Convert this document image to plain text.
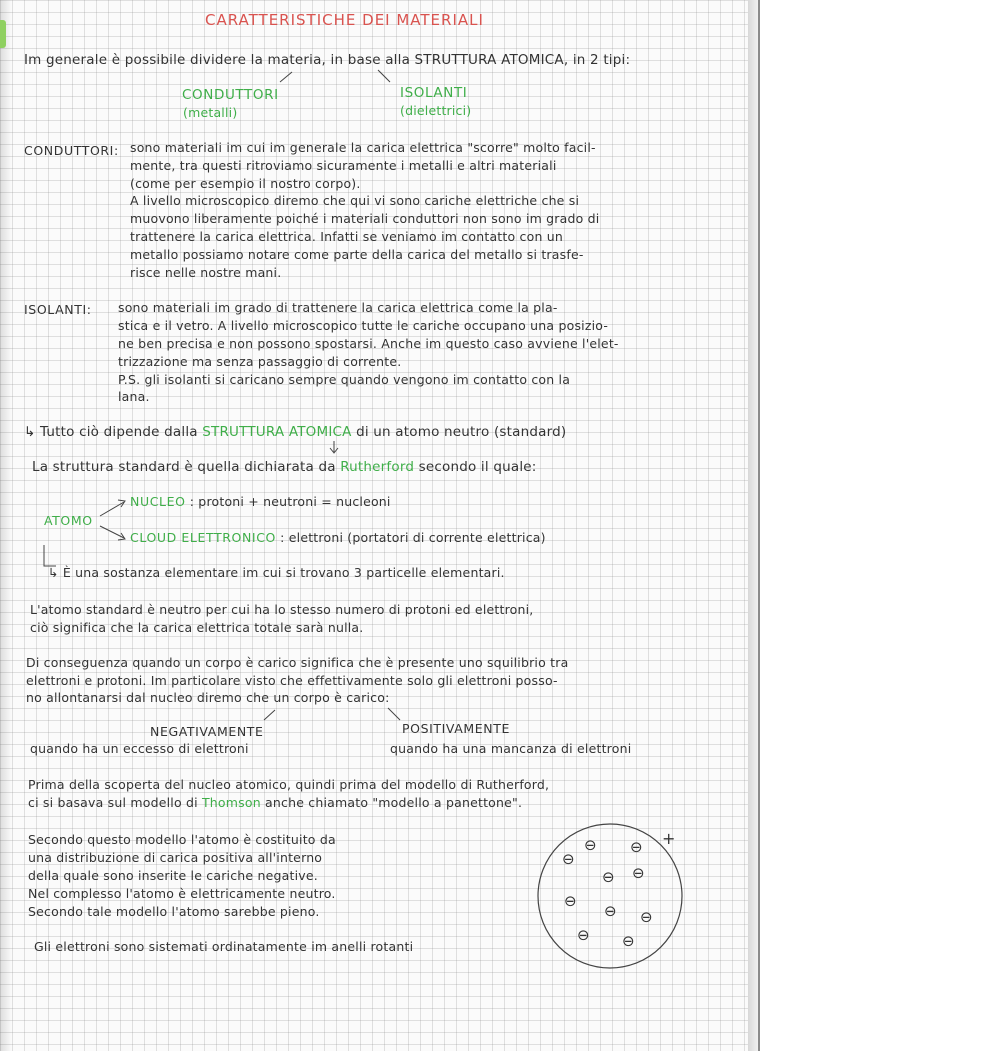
CARATTERISTICHE DEI MATERIALI
Im generale è possibile dividere la materia, in base alla STRUTTURA ATOMICA, in 2 tipi:
CONDUTTORI
(metalli)
ISOLANTI
(dielettrici)
CONDUTTORI: sono materiali im cui im generale la carica elettrica "scorre" molto facil-
mente, tra questi ritroviamo sicuramente i metalli e altri materiali
(come per esempio il nostro corpo).
A livello microscopico diremo che qui vi sono cariche elettriche che si
muovono liberamente poiché i materiali conduttori non sono im grado di
trattenere la carica elettrica. Infatti se veniamo im contatto con un
metallo possiamo notare come parte della carica del metallo si trasfe-
risce nelle nostre mani.
ISOLANTI: sono materiali im grado di trattenere la carica elettrica come la pla-
stica e il vetro. A livello microscopico tutte le cariche occupano una posizio-
ne ben precisa e non possono spostarsi. Anche im questo caso avviene l'elet-
trizzazione ma senza passaggio di corrente.
P.S. gli isolanti si caricano sempre quando vengono im contatto con la
lana.
↳ Tutto ciò dipende dalla STRUTTURA ATOMICA di un atomo neutro (standard)
La struttura standard è quella dichiarata da Rutherford secondo il quale:
ATOMO
NUCLEO : protoni + neutroni = nucleoni
CLOUD ELETTRONICO : elettroni (portatori di corrente elettrica)
↳ È una sostanza elementare im cui si trovano 3 particelle elementari.
L'atomo standard è neutro per cui ha lo stesso numero di protoni ed elettroni,
ciò significa che la carica elettrica totale sarà nulla.
Di conseguenza quando un corpo è carico significa che è presente uno squilibrio tra
elettroni e protoni. Im particolare visto che effettivamente solo gli elettroni posso-
no allontanarsi dal nucleo diremo che un corpo è carico:
NEGATIVAMENTE	POSITIVAMENTE
quando ha un eccesso di elettroni	quando ha una mancanza di elettroni
Prima della scoperta del nucleo atomico, quindi prima del modello di Rutherford,
ci si basava sul modello di Thomson anche chiamato "modello a panettone".
Secondo questo modello l'atomo è costituito da
una distribuzione di carica positiva all'interno
della quale sono inserite le cariche negative.
Nel complesso l'atomo è elettricamente neutro.
Secondo tale modello l'atomo sarebbe pieno.
Gli elettroni sono sistemati ordinatamente im anelli rotanti
+
⊖
⊖ ⊖
⊖ ⊖
⊖
⊖ ⊖
⊖ ⊖
